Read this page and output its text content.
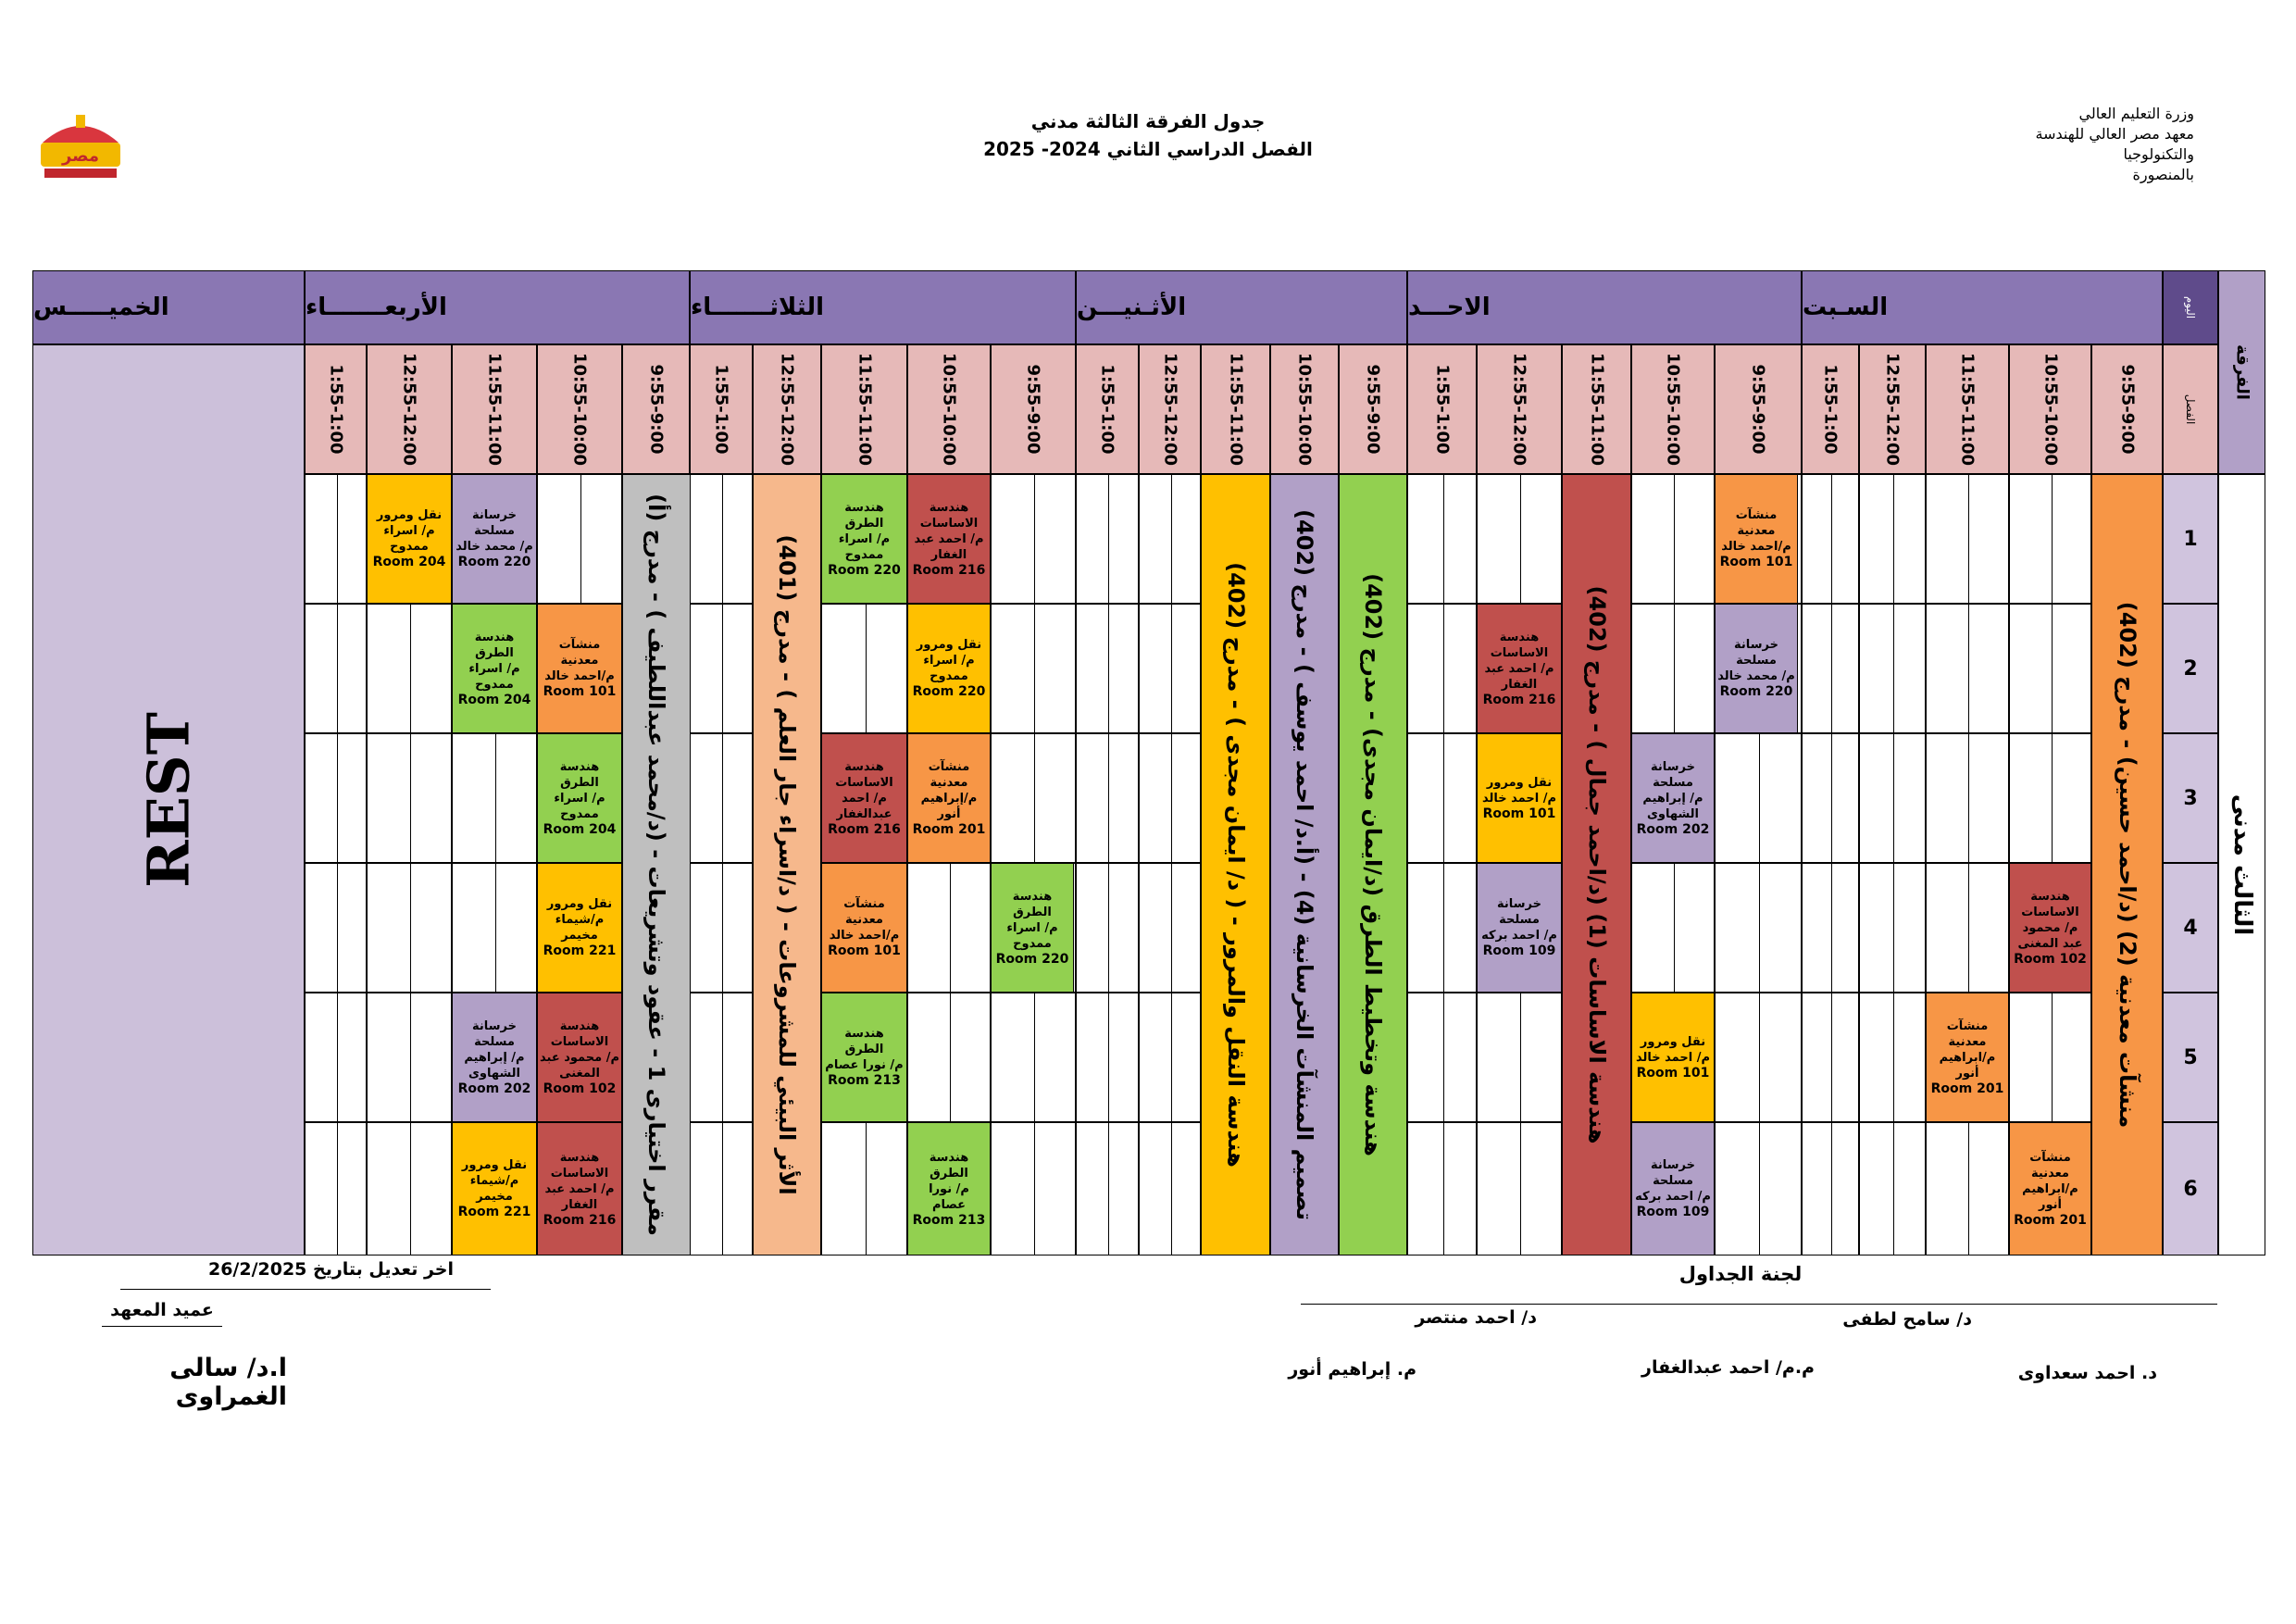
مصر
وزرة التعليم العالي
معهد مصر العالي للهندسة والتكنولوجيا
بالمنصورة
جدول الفرقة الثالثة مدني
الفصل الدراسي الثاني 2024- 2025
الفرقة
اليوم
الفصل
الثالث مدنى
السـبت
الاحـــد
الأثـنيـــن
الثلاثـــــــاء
الأربعـــــــاء
الخميـــــس
9:55-9:00
10:55-10:00
11:55-11:00
12:55-12:00
1:55-1:00
9:55-9:00
10:55-10:00
11:55-11:00
12:55-12:00
1:55-1:00
9:55-9:00
10:55-10:00
11:55-11:00
12:55-12:00
1:55-1:00
9:55-9:00
10:55-10:00
11:55-11:00
12:55-12:00
1:55-1:00
9:55-9:00
10:55-10:00
11:55-11:00
12:55-12:00
1:55-1:00
1
2
3
4
5
6
REST
منشآت معدنية (2) (د/احمد حسين) - مدرج (402)
هندسة الاساسات (1) (د/احمد جمال ) - مدرج (402)
هندسة وتخطيط الطرق (د/ايمان مجدى) - مدرج (402)
تصميم المنشآت الخرسانية (4) - (أ.د/ احمد يوسف ) - مدرج (402)
هندسة النقل والمرور - ( د/ ايمان مجدى ) - مدرج (402)
الأثر البيئي للمشروعات - ( د/اسراء جار العلم ) - مدرج (401)
مقرر اختيارى 1 - عقود وتشريعات - (د/محمد عبداللطيف ) - مدرج (أ)
منشآت معدنية
م/احمد خالد
Room 101
خرسانة مسلحة
م/ محمد خالد
Room 220
هندسة الاساسات
م/ محمود عبد المغنى
Room 102
منشآت معدنية
م/ابراهيم أنور
Room 201
منشآت معدنية
م/ابراهيم أنور
Room 201
خرسانة مسلحة
م/ إبراهيم الشهاوى
Room 202
هندسة الاساسات
م/ احمد عبد الغفار
Room 216
نقل ومرور
م/ احمد خالد
Room 101
خرسانة مسلحة
م/ احمد بركه
Room 109
نقل ومرور
م/ احمد خالد
Room 101
خرسانة مسلحة
م/ احمد بركه
Room 109
هندسة الاساسات
م/ احمد عبد الغفار
Room 216
هندسة الطرق
م/ اسراء ممدوح
Room 220
نقل ومرور
م/ اسراء ممدوح
Room 220
منشآت معدنية
م/إبراهيم أنور
Room 201
هندسة الاساسات
م/ احمد عبدالغفار
Room 216
هندسة الطرق
م/ اسراء ممدوح
Room 220
منشآت معدنية
م/احمد خالد
Room 101
هندسة الطرق
م/ نورا عصام
Room 213
هندسة الطرق
م/ نورا عصام
Room 213
خرسانة مسلحة
م/ محمد خالد
Room 220
نقل ومرور
م/ اسراء ممدوح
Room 204
منشآت معدنية
م/احمد خالد
Room 101
هندسة الطرق
م/ اسراء ممدوح
Room 204
هندسة الطرق
م/ اسراء ممدوح
Room 204
نقل ومرور
م/شيماء مخيمر
Room 221
هندسة الاساسات
م/ محمود عبد المغنى
Room 102
خرسانة مسلحة
م/ إبراهيم الشهاوى
Room 202
هندسة الاساسات
م/ احمد عبد الغفار
Room 216
نقل ومرور
م/شيماء مخيمر
Room 221
اخر تعديل بتاريخ 26/2/2025
عميد المعهد
ا.د/ سالى الغمراوى
لجنة الجداول
د/ سامح لطفى
د/ احمد منتصر
م.م/ احمد عبدالغفار
م. إبراهيم أنور	د. احمد سعداوى
